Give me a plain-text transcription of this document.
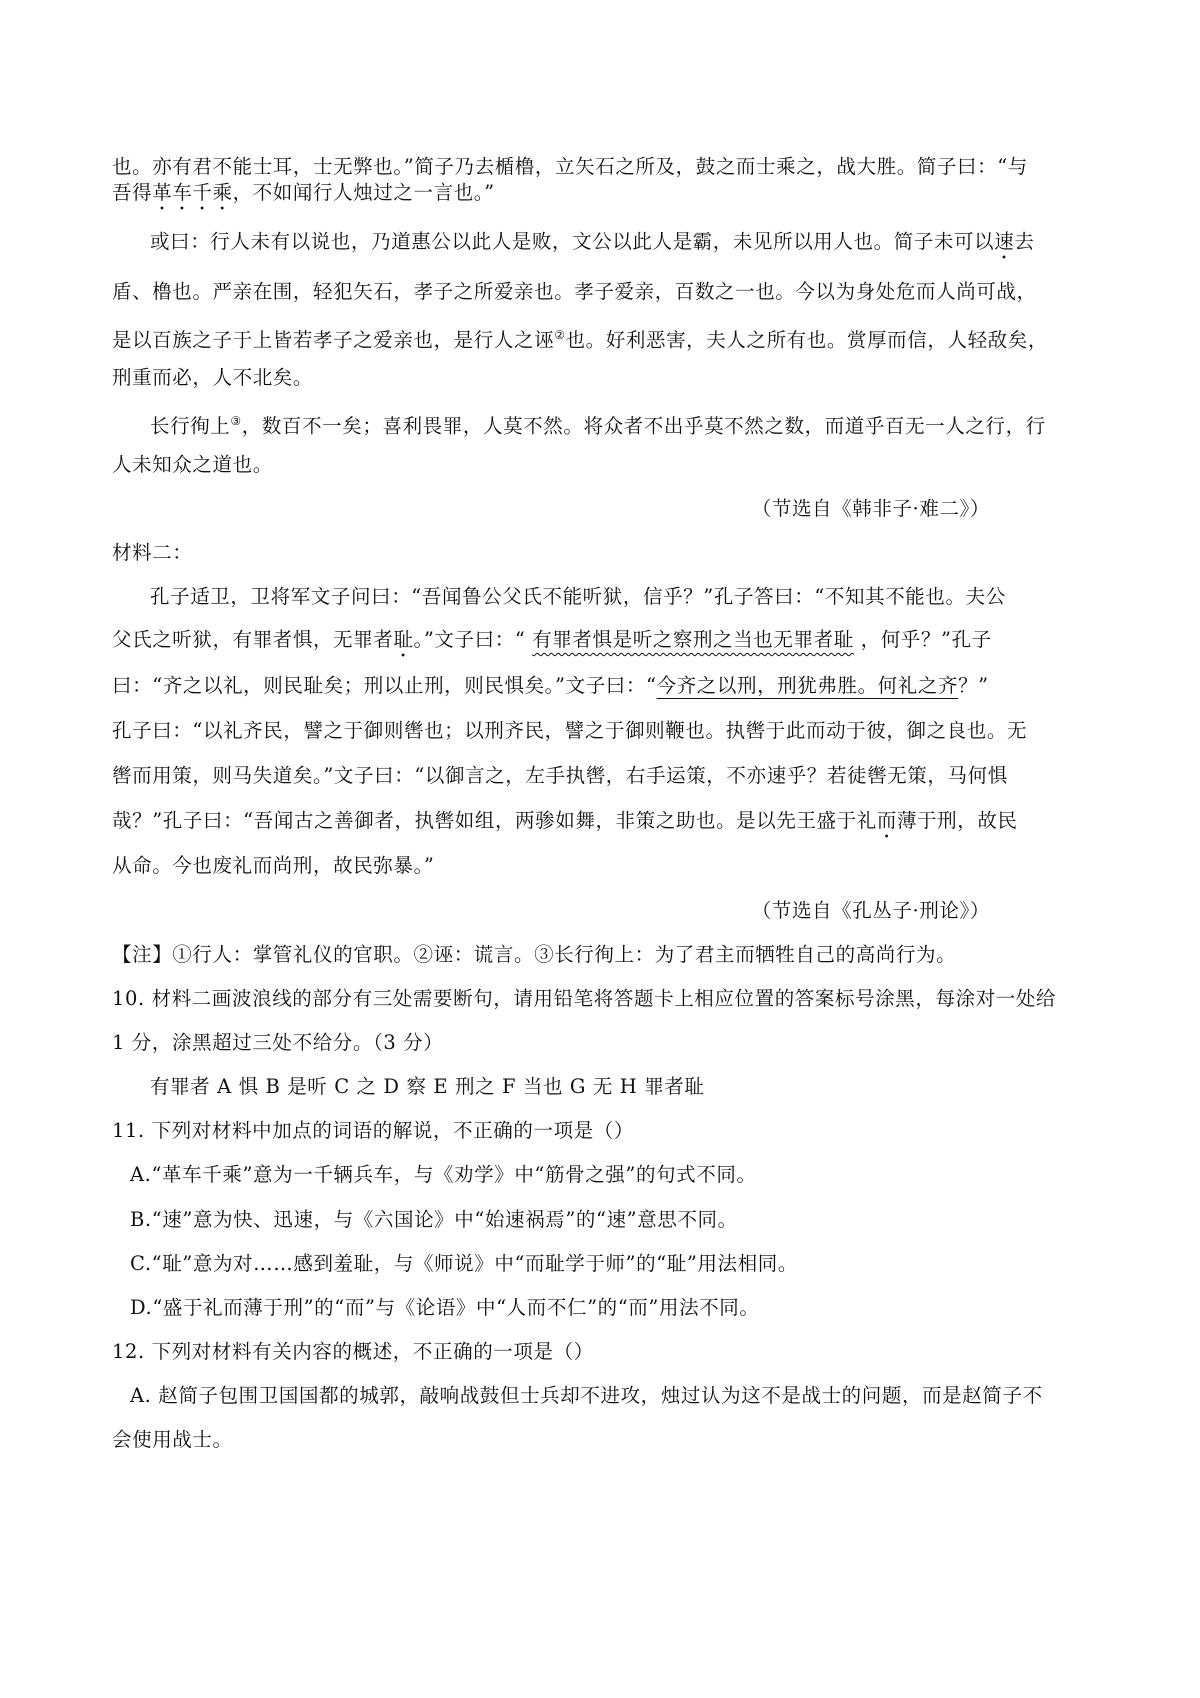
也。亦有君不能士耳，士无弊也。”简子乃去楯橹，立矢石之所及，鼓之而士乘之，战大胜。简子曰：“与
吾得革车千乘，不如闻行人烛过之一言也。”
或曰：行人未有以说也，乃道惠公以此人是败，文公以此人是霸，未见所以用人也。简子未可以速去
盾、橹也。严亲在围，轻犯矢石，孝子之所爱亲也。孝子爱亲，百数之一也。今以为身处危而人尚可战，
是以百族之子于上皆若孝子之爱亲也，是行人之诬②也。好利恶害，夫人之所有也。赏厚而信，人轻敌矣，
刑重而必，人不北矣。
长行徇上③，数百不一矣；喜利畏罪，人莫不然。将众者不出乎莫不然之数，而道乎百无一人之行，行
人未知众之道也。
（节选自《韩非子·难二》）
材料二：
孔子适卫，卫将军文子问曰：“吾闻鲁公父氏不能听狱，信乎？”孔子答曰：“不知其不能也。夫公
父氏之听狱，有罪者惧，无罪者耻。”文子曰：“ 有罪者惧是听之察刑之当也无罪者耻 ，何乎？”孔子
曰：“齐之以礼，则民耻矣；刑以止刑，则民惧矣。”文子曰：“今齐之以刑，刑犹弗胜。何礼之齐？”
孔子曰：“以礼齐民，譬之于御则辔也；以刑齐民，譬之于御则鞭也。执辔于此而动于彼，御之良也。无
辔而用策，则马失道矣。”文子曰：“以御言之，左手执辔，右手运策，不亦速乎？若徒辔无策，马何惧
哉？”孔子曰：“吾闻古之善御者，执辔如组，两骖如舞，非策之助也。是以先王盛于礼而薄于刑，故民
从命。今也废礼而尚刑，故民弥暴。”
（节选自《孔丛子·刑论》）
【注】①行人：掌管礼仪的官职。②诬：谎言。③长行徇上：为了君主而牺牲自己的高尚行为。
10. 材料二画波浪线的部分有三处需要断句，请用铅笔将答题卡上相应位置的答案标号涂黑，每涂对一处给
1 分，涂黑超过三处不给分。（3 分）
有罪者 A 惧 B 是听 C 之 D 察 E 刑之 F 当也 G 无 H 罪者耻
11. 下列对材料中加点的词语的解说，不正确的一项是（）
A.“革车千乘”意为一千辆兵车，与《劝学》中“筋骨之强”的句式不同。
B.“速”意为快、迅速，与《六国论》中“始速祸焉”的“速”意思不同。
C.“耻”意为对……感到羞耻，与《师说》中“而耻学于师”的“耻”用法相同。
D.“盛于礼而薄于刑”的“而”与《论语》中“人而不仁”的“而”用法不同。
12. 下列对材料有关内容的概述，不正确的一项是（）
A. 赵简子包围卫国国都的城郭，敲响战鼓但士兵却不进攻，烛过认为这不是战士的问题，而是赵简子不
会使用战士。
